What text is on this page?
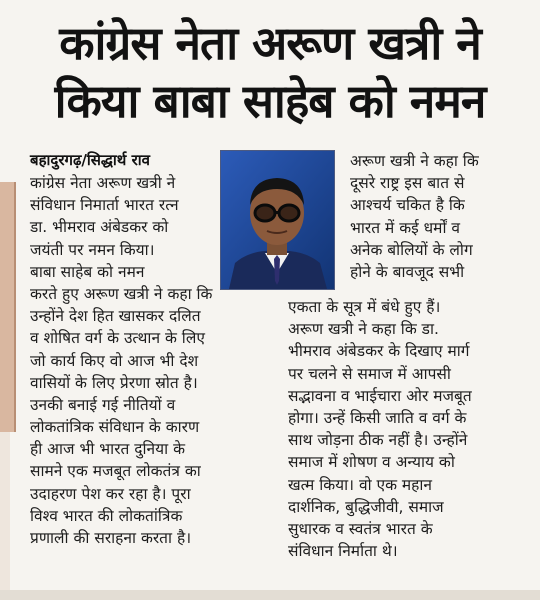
कांग्रेस नेता अरूण खत्री ने
किया बाबा साहेब को नमन
बहादुरगढ़/सिद्धार्थ राव
कांग्रेस नेता अरूण खत्री ने
संविधान निमार्ता भारत रत्न
डा. भीमराव अंबेडकर को
जयंती पर नमन किया।
बाबा साहेब को नमन
करते हुए अरूण खत्री ने कहा कि
उन्होंने देश हित खासकर दलित
व शोषित वर्ग के उत्थान के लिए
जो कार्य किए वो आज भी देश
वासियों के लिए प्रेरणा स्रोत है।
उनकी बनाई गई नीतियों व
लोकतांत्रिक संविधान के कारण
ही आज भी भारत दुनिया के
सामने एक मजबूत लोकतंत्र का
उदाहरण पेश कर रहा है। पूरा
विश्व भारत की लोकतांत्रिक
प्रणाली की सराहना करता है।
अरूण खत्री ने कहा कि
दूसरे राष्ट्र इस बात से
आश्चर्य चकित है कि
भारत में कई धर्मों व
अनेक बोलियों के लोग
होने के बावजूद सभी
एकता के सूत्र में बंधे हुए हैं।
अरूण खत्री ने कहा कि डा.
भीमराव अंबेडकर के दिखाए मार्ग
पर चलने से समाज में आपसी
सद्भावना व भाईचारा ओर मजबूत
होगा। उन्हें किसी जाति व वर्ग के
साथ जोड़ना ठीक नहीं है। उन्होंने
समाज में शोषण व अन्याय को
खत्म किया। वो एक महान
दार्शनिक, बुद्धिजीवी, समाज
सुधारक व स्वतंत्र भारत के
संविधान निर्माता थे।
